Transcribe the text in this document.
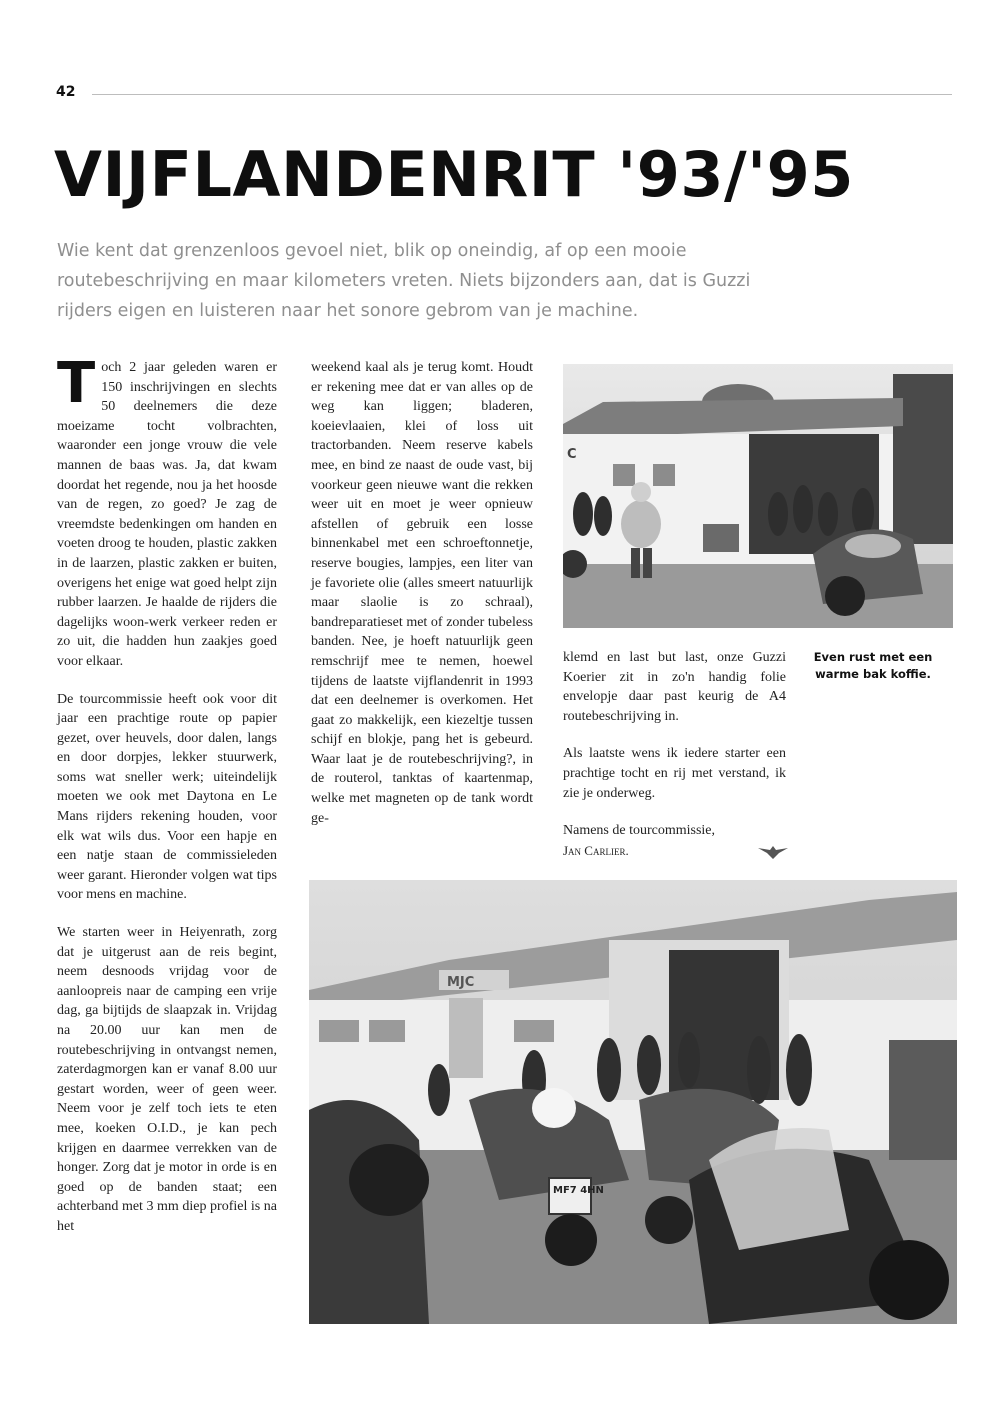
42
VIJFLANDENRIT '93/'95
Wie kent dat grenzenloos gevoel niet, blik op oneindig, af op een mooie routebeschrijving en maar kilometers vreten. Niets bijzonders aan, dat is Guzzi rijders eigen en luisteren naar het sonore gebrom van je machine.

Toch 2 jaar geleden waren er 150 inschrijvingen en slechts 50 deelnemers die deze moeizame tocht volbrachten, waaronder een jonge vrouw die vele mannen de baas was. Ja, dat kwam doordat het regende, nou ja het hoosde van de regen, zo goed? Je zag de vreemdste bedenkingen om handen en voeten droog te houden, plastic zakken in de laarzen, plastic zakken er buiten, overigens het enige wat goed helpt zijn rubber laarzen. Je haalde de rijders die dagelijks woon-werk verkeer reden er zo uit, die hadden hun zaakjes goed voor elkaar.

De tourcommissie heeft ook voor dit jaar een prachtige route op papier gezet, over heuvels, door dalen, langs en door dorpjes, lekker stuurwerk, soms wat sneller werk; uiteindelijk moeten we ook met Daytona en Le Mans rijders rekening houden, voor elk wat wils dus. Voor een hapje en een natje staan de commissieleden weer garant. Hieronder volgen wat tips voor mens en machine.

We starten weer in Heiyenrath, zorg dat je uitgerust aan de reis begint, neem desnoods vrijdag voor de aanloopreis naar de camping een vrije dag, ga bijtijds de slaapzak in. Vrijdag na 20.00 uur kan men de routebeschrijving in ontvangst nemen, zaterdagmorgen kan er vanaf 8.00 uur gestart worden, weer of geen weer. Neem voor je zelf toch iets te eten mee, koeken O.I.D., je kan pech krijgen en daarmee verrekken van de honger. Zorg dat je motor in orde is en goed op de banden staat; een achterband met 3 mm diep profiel is na het

weekend kaal als je terug komt. Houdt er rekening mee dat er van alles op de weg kan liggen; bladeren, koeievlaaien, klei of loss uit tractorbanden. Neem reserve kabels mee, en bind ze naast de oude vast, bij voorkeur geen nieuwe want die rekken weer uit en moet je weer opnieuw afstellen of gebruik een losse binnenkabel met een schroeftonnetje, reserve bougies, lampjes, een liter van je favoriete olie (alles smeert natuurlijk maar slaolie is zo schraal), bandreparatieset met of zonder tubeless banden. Nee, je hoeft natuurlijk geen remschrijf mee te nemen, hoewel tijdens de laatste vijflandenrit in 1993 dat een deelnemer is overkomen. Het gaat zo makkelijk, een kiezeltje tussen schijf en blokje, pang het is gebeurd. Waar laat je de routebeschrijving?, in de routerol, tanktas of kaartenmap, welke met magneten op de tank wordt ge-

C

klemd en last but last, onze Guzzi Koerier zit in zo'n handig folie envelopje daar past keurig de A4 routebeschrijving in.

Als laatste wens ik iedere starter een prachtige tocht en rij met verstand, ik zie je onderweg.

Namens de tourcommissie,

Jan Carlier.

Even rust met een warme bak koffie.
MJC
MF7 4HN
